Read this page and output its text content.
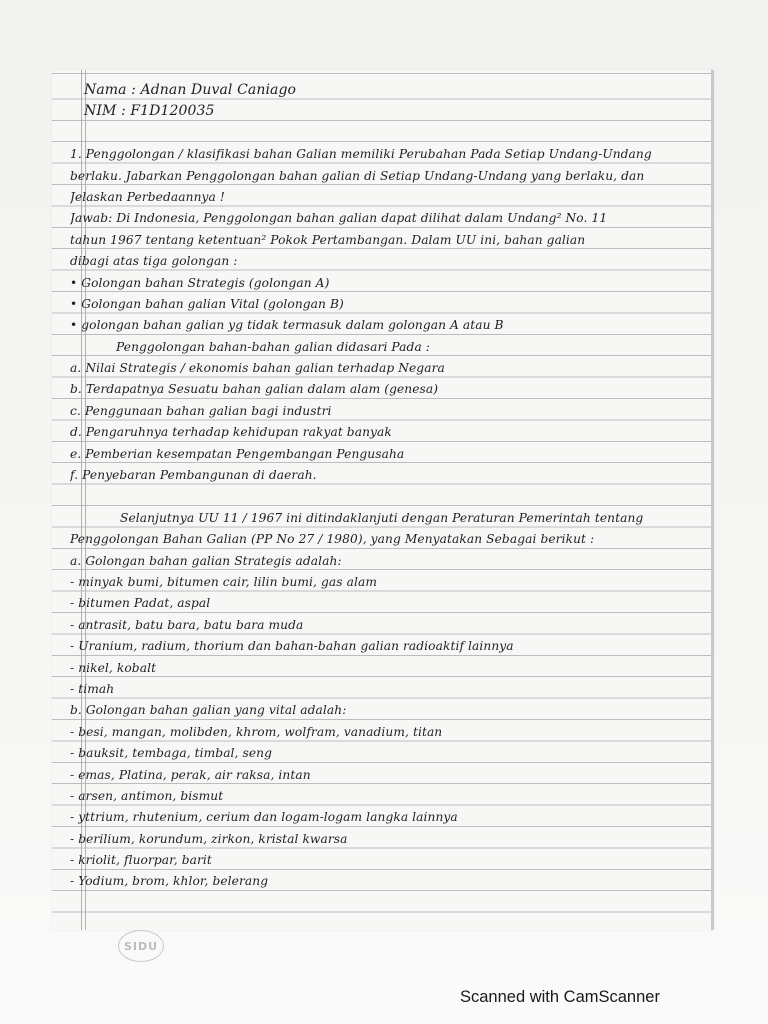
Nama : Adnan Duval Caniago
NIM : F1D120035
1. Penggolongan / klasifikasi bahan Galian memiliki Perubahan Pada Setiap Undang-Undang
berlaku. Jabarkan Penggolongan bahan galian di Setiap Undang-Undang yang berlaku, dan
Jelaskan Perbedaannya !
Jawab: Di Indonesia, Penggolongan bahan galian dapat dilihat dalam Undang² No. 11
tahun 1967 tentang ketentuan² Pokok Pertambangan. Dalam UU ini, bahan galian
dibagi atas tiga golongan :
• Golongan bahan Strategis (golongan A)
• Golongan bahan galian Vital (golongan B)
• golongan bahan galian yg tidak termasuk dalam golongan A atau B
Penggolongan bahan-bahan galian didasari Pada :
a. Nilai Strategis / ekonomis bahan galian terhadap Negara
b. Terdapatnya Sesuatu bahan galian dalam alam (genesa)
c. Penggunaan bahan galian bagi industri
d. Pengaruhnya terhadap kehidupan rakyat banyak
e. Pemberian kesempatan Pengembangan Pengusaha
f. Penyebaran Pembangunan di daerah.
Selanjutnya UU 11 / 1967 ini ditindaklanjuti dengan Peraturan Pemerintah tentang
Penggolongan Bahan Galian (PP No 27 / 1980), yang Menyatakan Sebagai berikut :
a. Golongan bahan galian Strategis adalah:
- minyak bumi, bitumen cair, lilin bumi, gas alam
- bitumen Padat, aspal
- antrasit, batu bara, batu bara muda
- Uranium, radium, thorium dan bahan-bahan galian radioaktif lainnya
- nikel, kobalt
- timah
b. Golongan bahan galian yang vital adalah:
- besi, mangan, molibden, khrom, wolfram, vanadium, titan
- bauksit, tembaga, timbal, seng
- emas, Platina, perak, air raksa, intan
- arsen, antimon, bismut
- yttrium, rhutenium, cerium dan logam-logam langka lainnya
- berilium, korundum, zirkon, kristal kwarsa
- kriolit, fluorpar, barit
- Yodium, brom, khlor, belerang
SIDU
Scanned with CamScanner
